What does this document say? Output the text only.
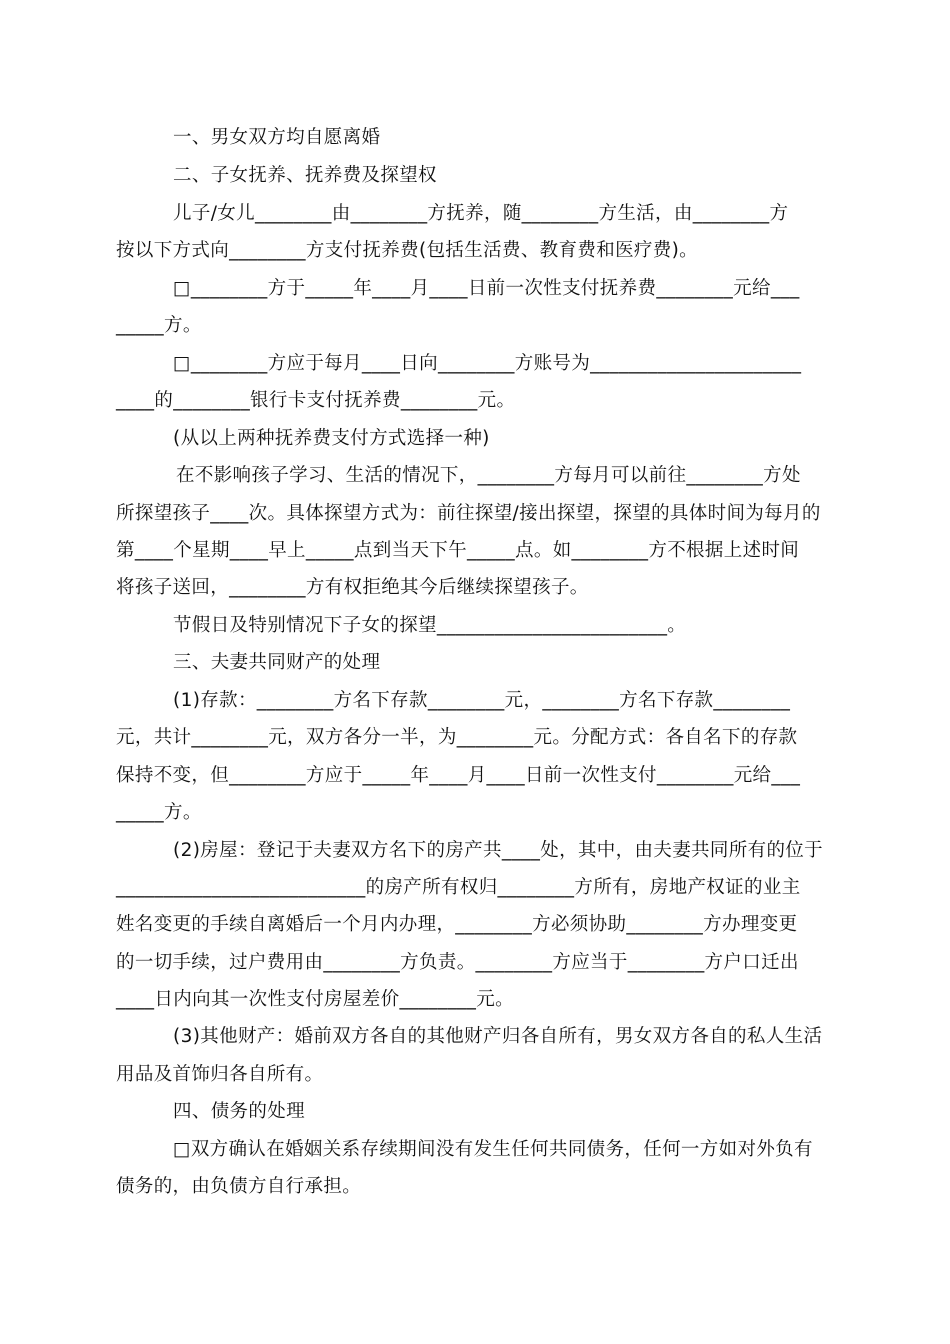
一、男女双方均自愿离婚
二、子女抚养、抚养费及探望权
儿子/女儿________由________方抚养，随________方生活，由________方
按以下方式向________方支付抚养费(包括生活费、教育费和医疗费)。
□________方于_____年____月____日前一次性支付抚养费________元给___
_____方。
□________方应于每月____日向________方账号为______________________
____的________银行卡支付抚养费________元。
(从以上两种抚养费支付方式选择一种)
在不影响孩子学习、生活的情况下，________方每月可以前往________方处
所探望孩子____次。具体探望方式为：前往探望/接出探望，探望的具体时间为每月的
第____个星期____早上_____点到当天下午_____点。如________方不根据上述时间
将孩子送回，________方有权拒绝其今后继续探望孩子。
节假日及特别情况下子女的探望________________________。
三、夫妻共同财产的处理
(1)存款：________方名下存款________元，________方名下存款________
元，共计________元，双方各分一半，为________元。分配方式：各自名下的存款
保持不变，但________方应于_____年____月____日前一次性支付________元给___
_____方。
(2)房屋：登记于夫妻双方名下的房产共____处，其中，由夫妻共同所有的位于
__________________________的房产所有权归________方所有，房地产权证的业主
姓名变更的手续自离婚后一个月内办理，________方必须协助________方办理变更
的一切手续，过户费用由________方负责。________方应当于________方户口迁出
____日内向其一次性支付房屋差价________元。
(3)其他财产：婚前双方各自的其他财产归各自所有，男女双方各自的私人生活
用品及首饰归各自所有。
四、债务的处理
□双方确认在婚姻关系存续期间没有发生任何共同债务，任何一方如对外负有
债务的，由负债方自行承担。
